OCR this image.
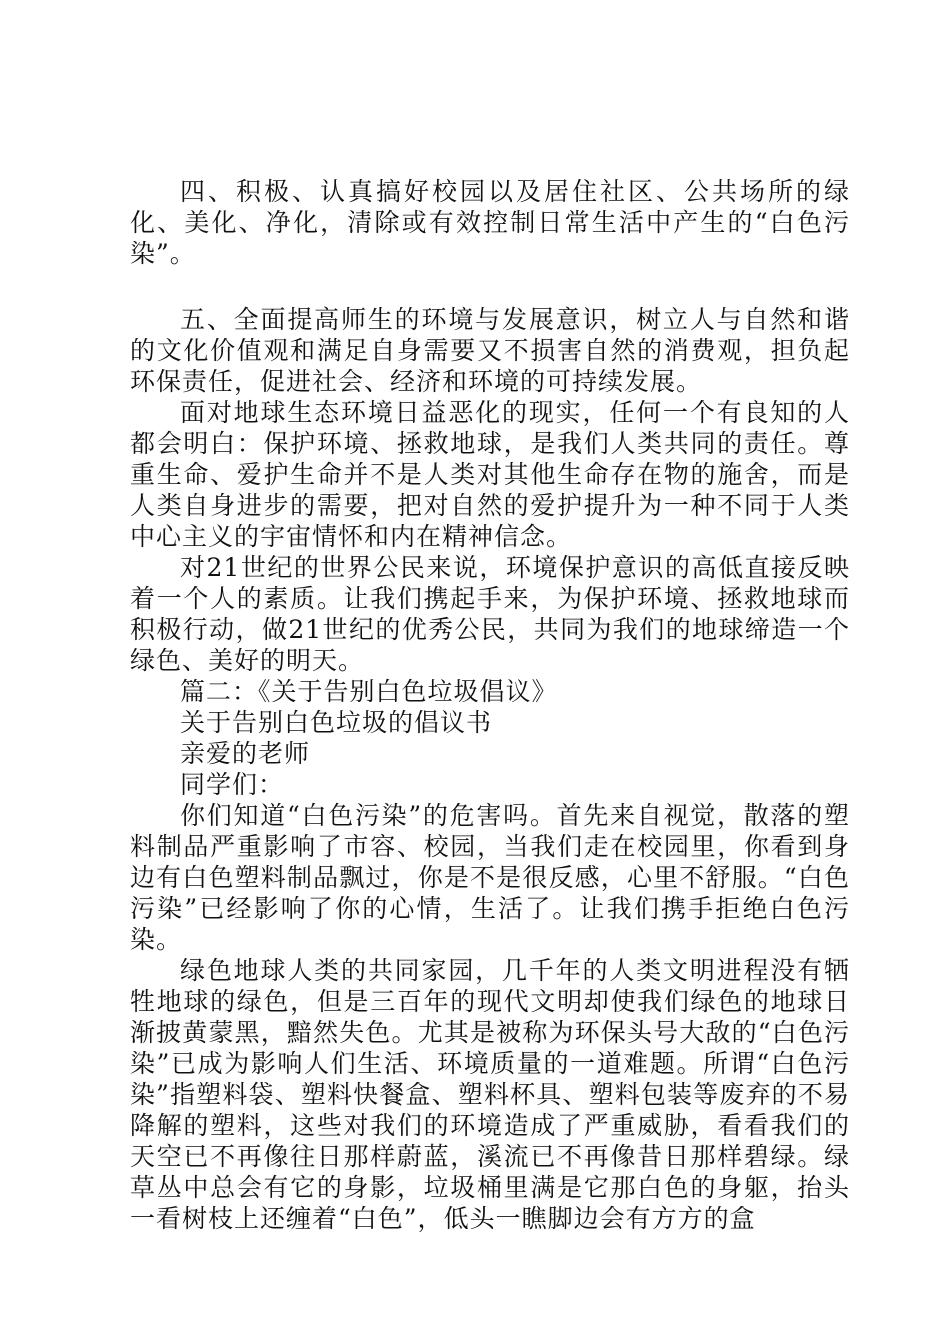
四、积极、认真搞好校园以及居住社区、公共场所的绿化、美化、净化，清除或有效控制日常生活中产生的“白色污染”。

五、全面提高师生的环境与发展意识，树立人与自然和谐的文化价值观和满足自身需要又不损害自然的消费观，担负起环保责任，促进社会、经济和环境的可持续发展。

面对地球生态环境日益恶化的现实，任何一个有良知的人都会明白：保护环境、拯救地球，是我们人类共同的责任。尊重生命、爱护生命并不是人类对其他生命存在物的施舍，而是人类自身进步的需要，把对自然的爱护提升为一种不同于人类中心主义的宇宙情怀和内在精神信念。

对21世纪的世界公民来说，环境保护意识的高低直接反映着一个人的素质。让我们携起手来，为保护环境、拯救地球而积极行动，做21世纪的优秀公民，共同为我们的地球缔造一个绿色、美好的明天。

篇二：《关于告别白色垃圾倡议》

关于告别白色垃圾的倡议书

亲爱的老师

同学们：

你们知道“白色污染”的危害吗。首先来自视觉，散落的塑料制品严重影响了市容、校园，当我们走在校园里，你看到身边有白色塑料制品飘过，你是不是很反感，心里不舒服。“白色污染”已经影响了你的心情，生活了。让我们携手拒绝白色污染。

绿色地球人类的共同家园，几千年的人类文明进程没有牺牲地球的绿色，但是三百年的现代文明却使我们绿色的地球日渐披黄蒙黑，黯然失色。尤其是被称为环保头号大敌的“白色污染”已成为影响人们生活、环境质量的一道难题。所谓“白色污染”指塑料袋、塑料快餐盒、塑料杯具、塑料包装等废弃的不易降解的塑料，这些对我们的环境造成了严重威胁，看看我们的天空已不再像往日那样蔚蓝，溪流已不再像昔日那样碧绿。绿草丛中总会有它的身影，垃圾桶里满是它那白色的身躯，抬头一看树枝上还缠着“白色”，低头一瞧脚边会有方方的盒
